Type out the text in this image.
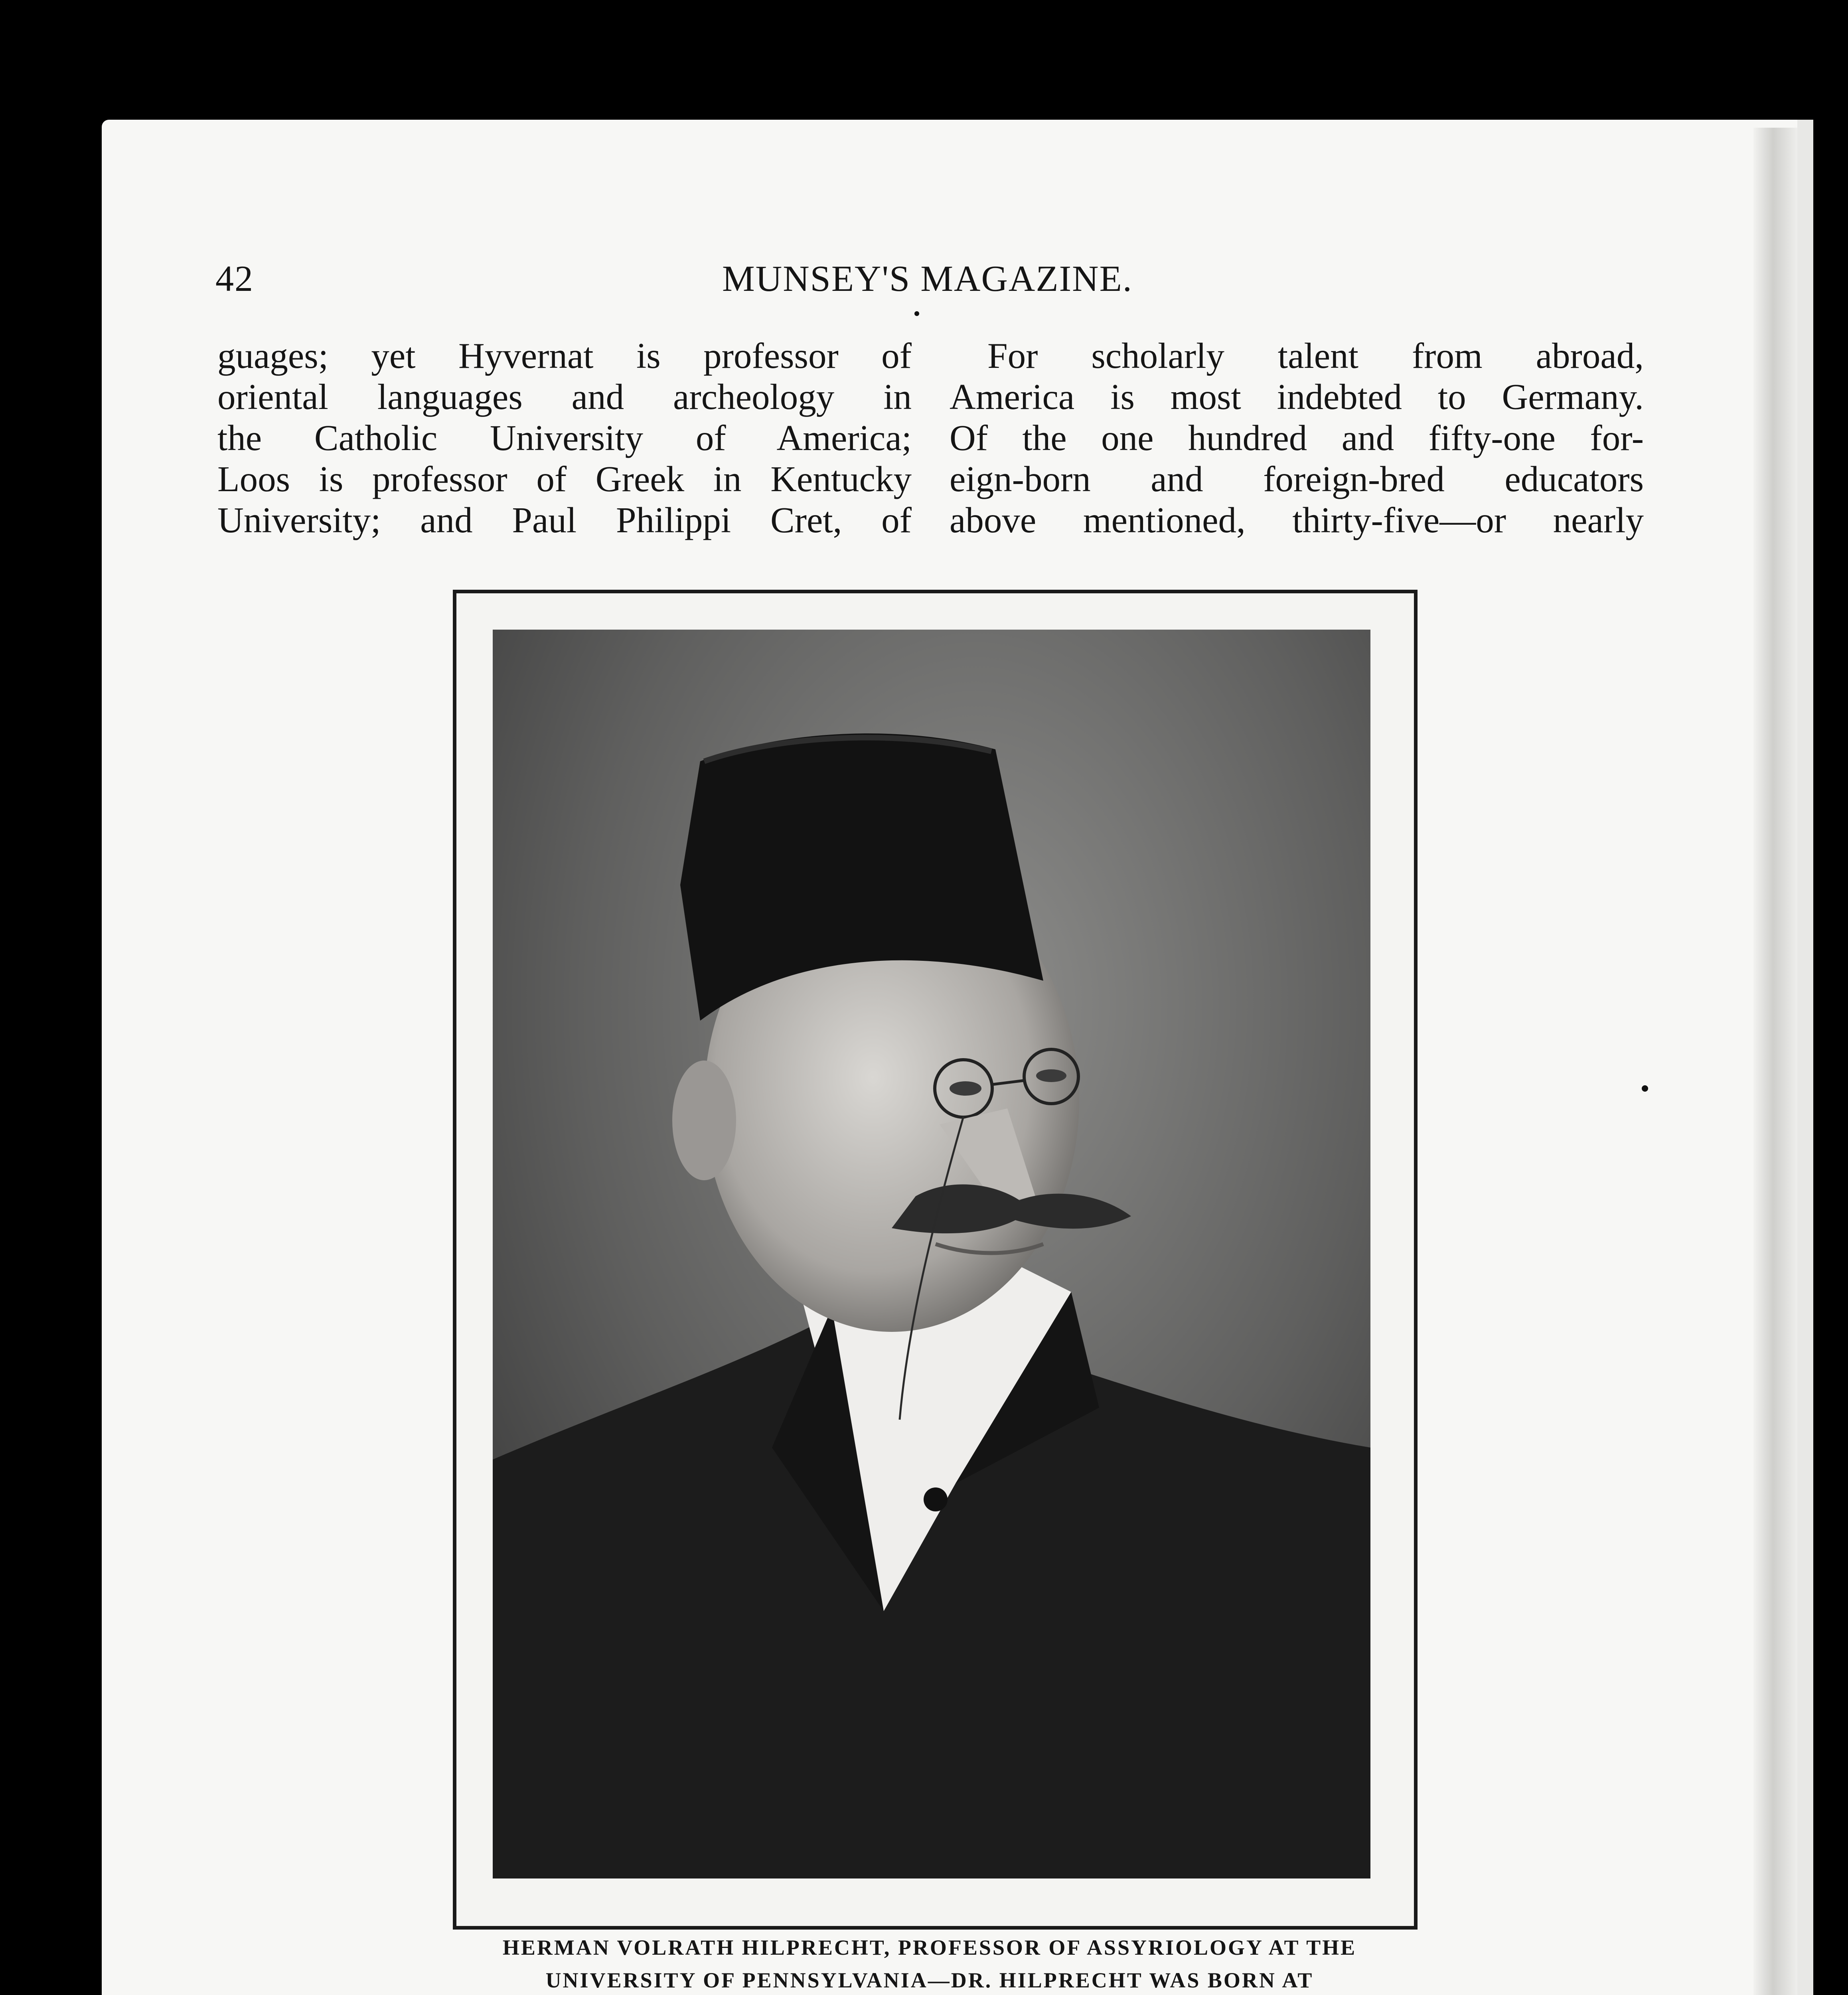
42	MUNSEY'S MAGAZINE.
guages; yet Hyvernat is professor of
oriental languages and archeology in
the Catholic University of America;
Loos is professor of Greek in Kentucky
University; and Paul Philippi Cret, of
For scholarly talent from abroad,
America is most indebted to Germany.
Of the one hundred and fifty-one for-
eign-born and foreign-bred educators
above mentioned, thirty-five—or nearly
HERMAN VOLRATH HILPRECHT, PROFESSOR OF ASSYRIOLOGY AT THE
UNIVERSITY OF PENNSYLVANIA—DR. HILPRECHT WAS BORN AT
